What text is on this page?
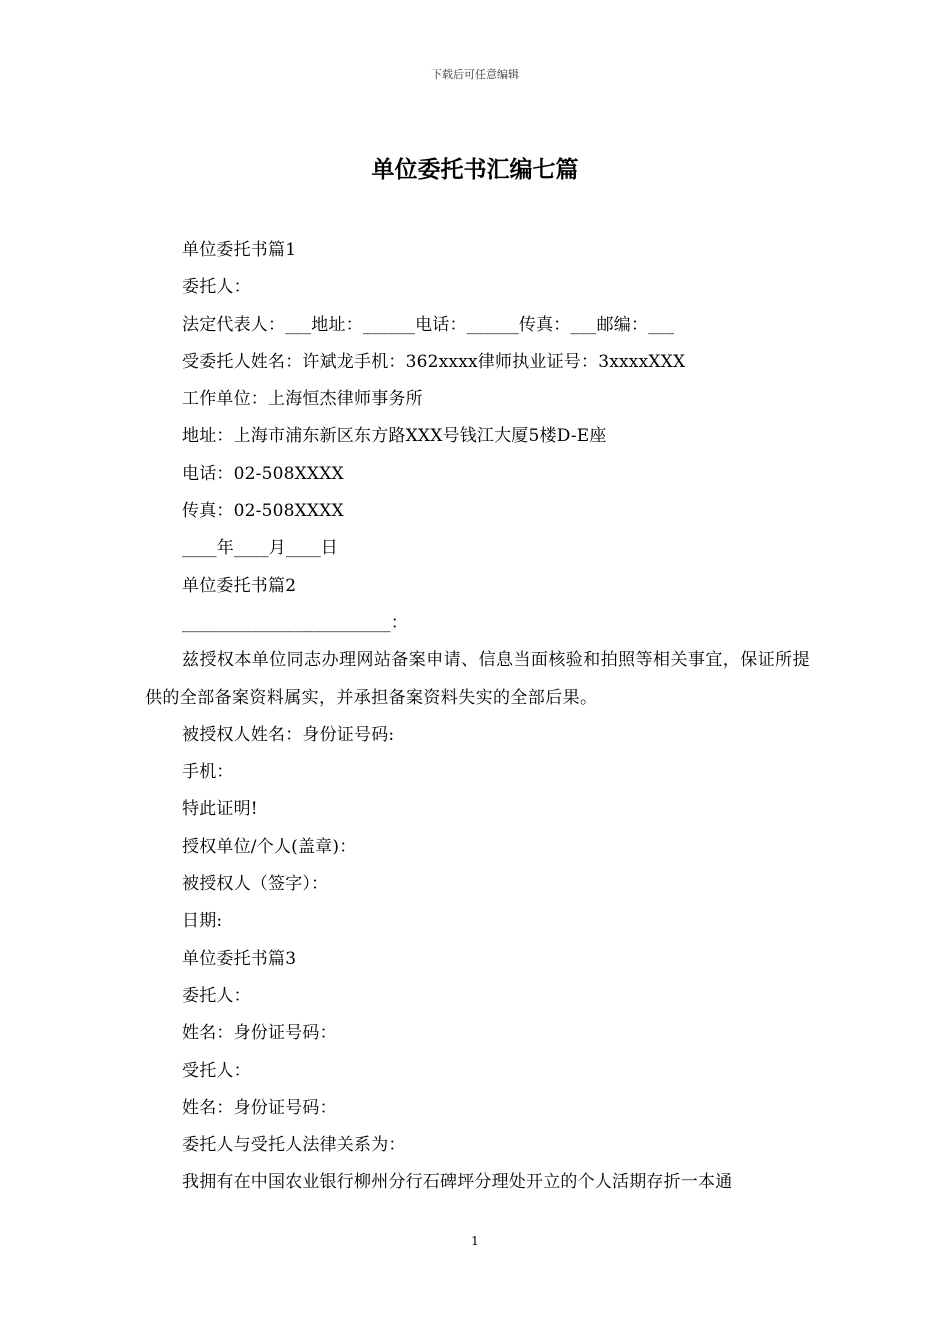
下载后可任意编辑
单位委托书汇编七篇
单位委托书篇1
委托人：
法定代表人：___地址：______电话：______传真：___邮编：___
受委托人姓名：许斌龙手机：362xxxx律师执业证号：3xxxxXXX
工作单位：上海恒杰律师事务所
地址：上海市浦东新区东方路XXX号钱江大厦5楼D-E座
电话：02-508XXXX
传真：02-508XXXX
____年____月____日
单位委托书篇2
________________________：
兹授权本单位同志办理网站备案申请、信息当面核验和拍照等相关事宜，保证所提供的全部备案资料属实，并承担备案资料失实的全部后果。
被授权人姓名：身份证号码:
手机：
特此证明!
授权单位/个人(盖章)：
被授权人（签字）：
日期:
单位委托书篇3
委托人：
姓名：身份证号码：
受托人：
姓名：身份证号码：
委托人与受托人法律关系为：
我拥有在中国农业银行柳州分行石碑坪分理处开立的个人活期存折一本通
1
